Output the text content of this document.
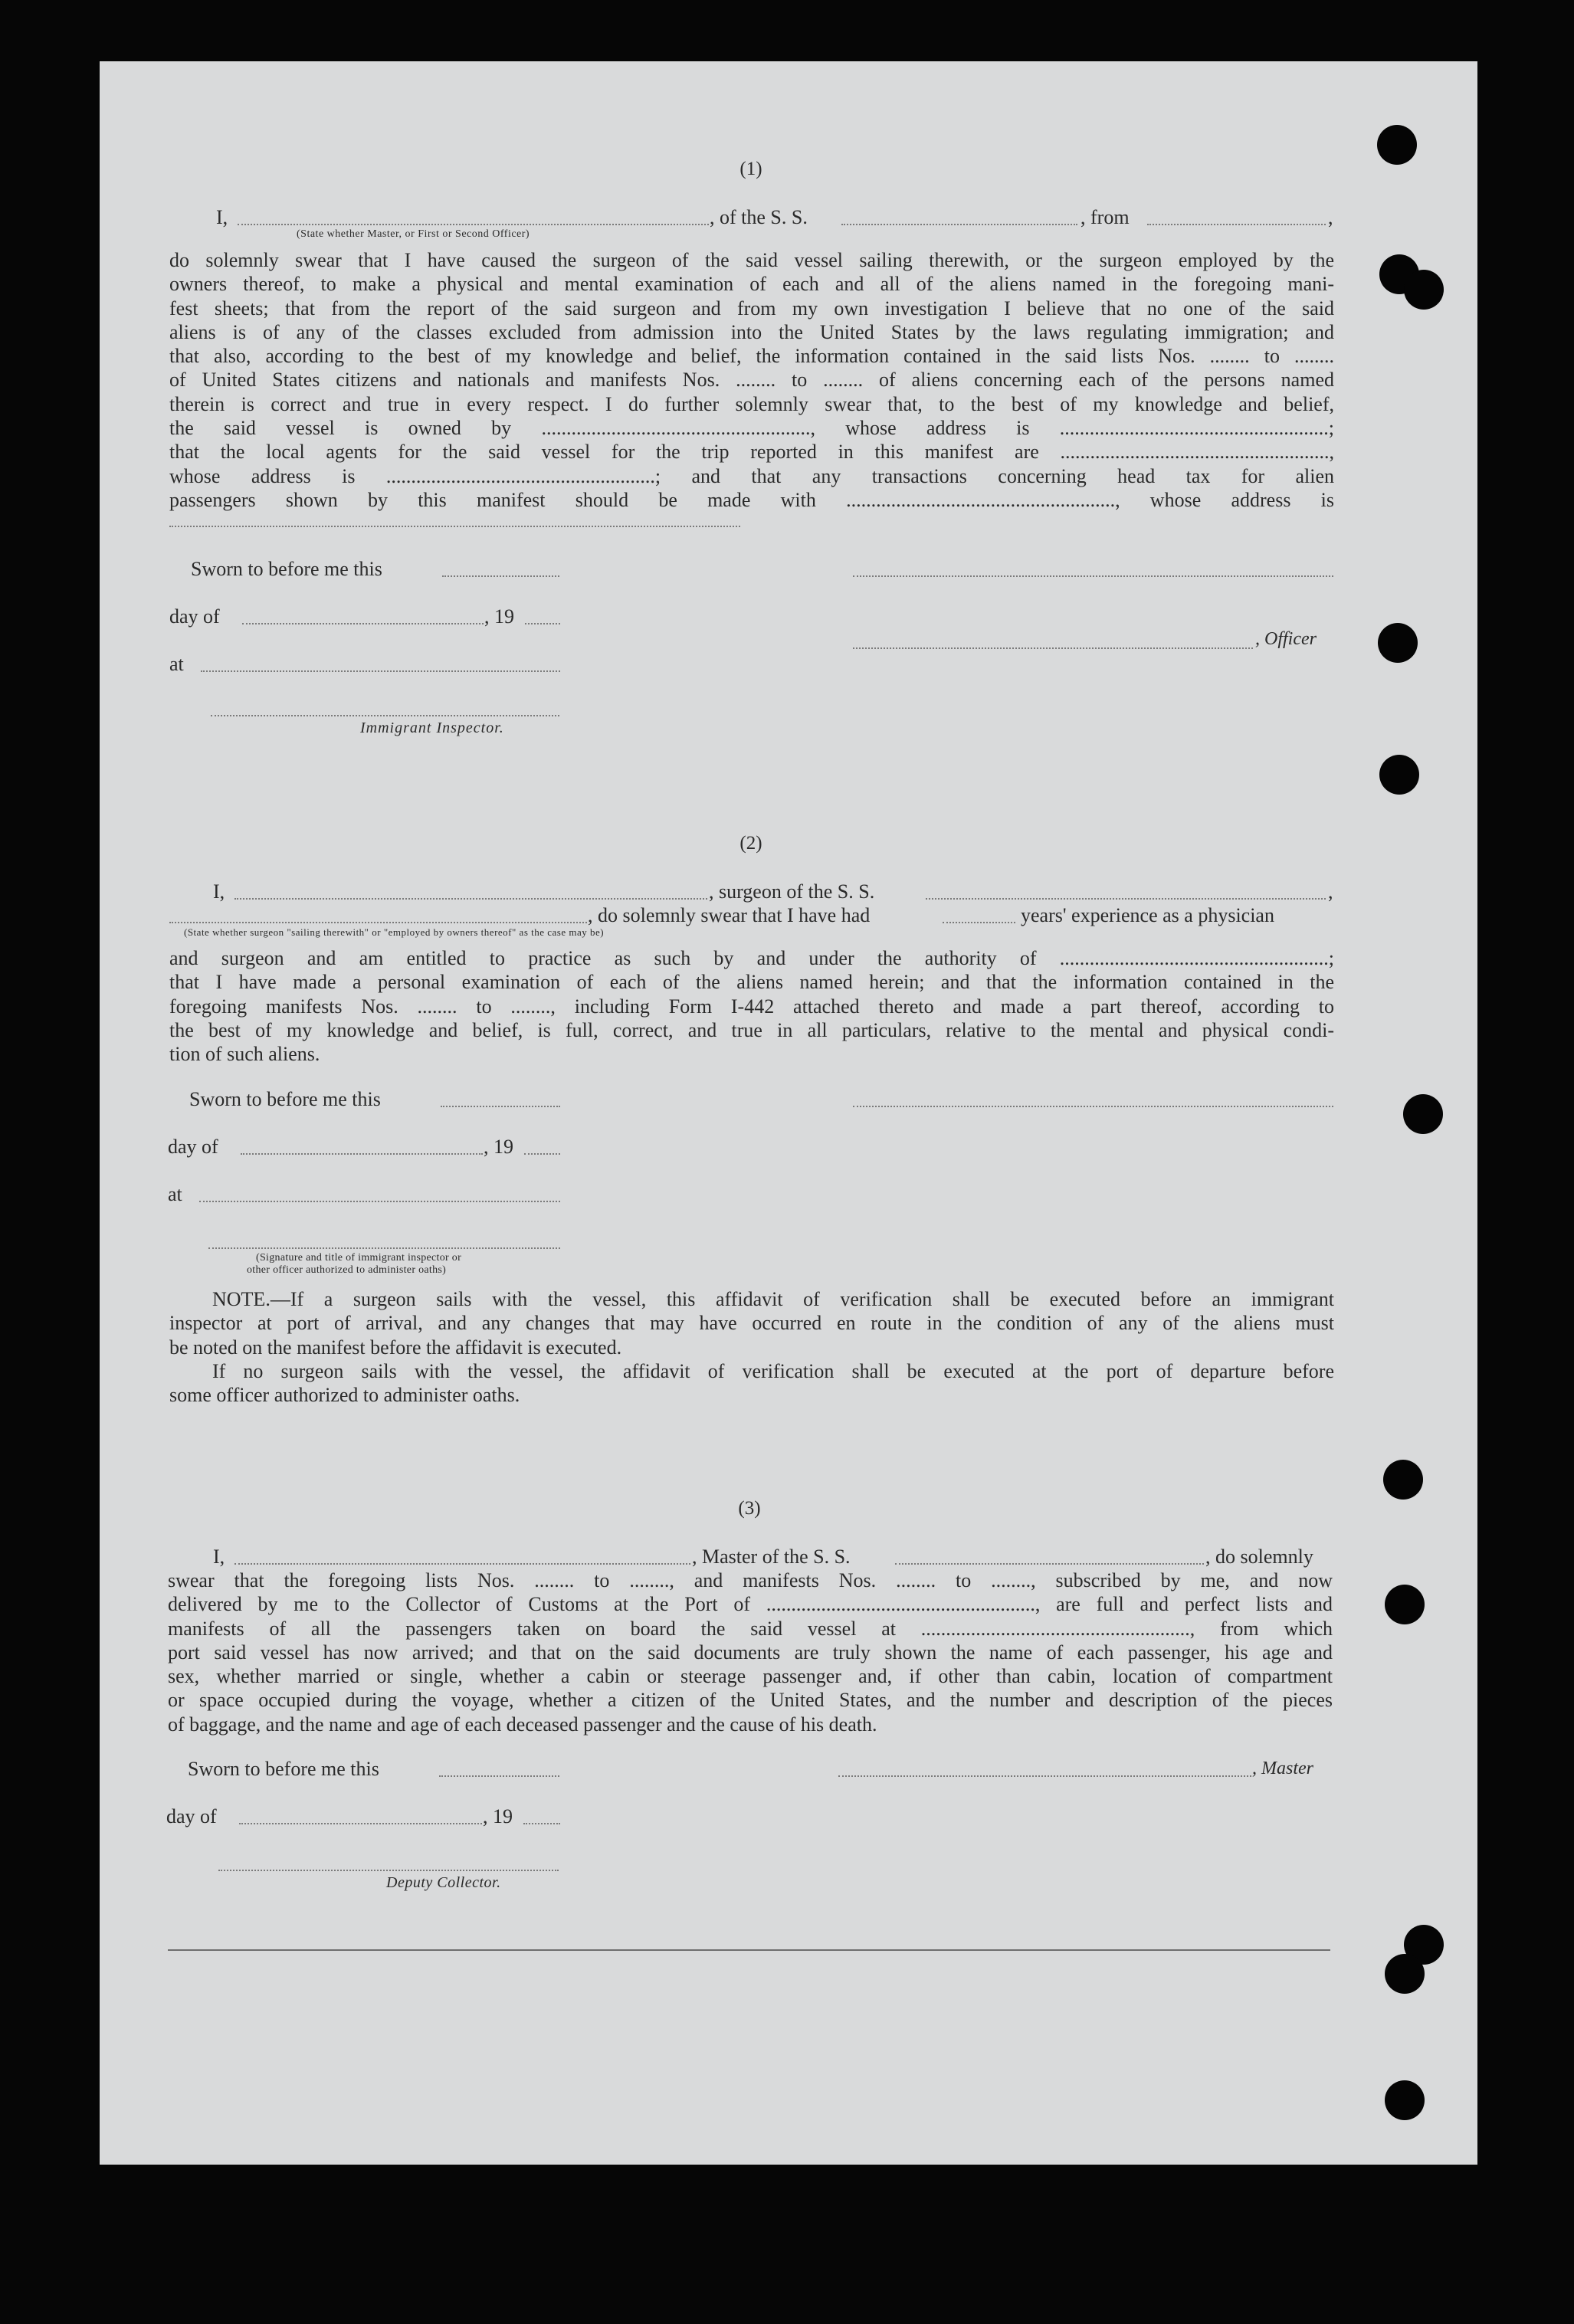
(1)
I,	, of the S. S.	, from	,
(State whether Master, or First or Second Officer)

do solemnly swear that I have caused the surgeon of the said vessel sailing therewith, or the surgeon employed by the

owners thereof, to make a physical and mental examination of each and all of the aliens named in the foregoing mani-

fest sheets; that from the report of the said surgeon and from my own investigation I believe that no one of the said

aliens is of any of the classes excluded from admission into the United States by the laws regulating immigration; and

that also, according to the best of my knowledge and belief, the information contained in the said lists Nos. ........ to ........

of United States citizens and nationals and manifests Nos. ........ to ........ of aliens concerning each of the persons named

therein is correct and true in every respect. I do further solemnly swear that, to the best of my knowledge and belief,

the said vessel is owned by ......................................................, whose address is ......................................................;

that the local agents for the said vessel for the trip reported in this manifest are ......................................................,

whose address is ......................................................; and that any transactions concerning head tax for alien

passengers shown by this manifest should be made with ......................................................, whose address is

Sworn to before me this
day of	, 19
, Officer
at
Immigrant Inspector.
(2)
I,	, surgeon of the S. S.	,
, do solemnly swear that I have had	years' experience as a physician
(State whether surgeon "sailing therewith" or "employed by owners thereof" as the case may be)

and surgeon and am entitled to practice as such by and under the authority of ......................................................;

that I have made a personal examination of each of the aliens named herein; and that the information contained in the

foregoing manifests Nos. ........ to ........, including Form I-442 attached thereto and made a part thereof, according to

the best of my knowledge and belief, is full, correct, and true in all particulars, relative to the mental and physical condi-

tion of such aliens.

Sworn to before me this
day of	, 19
at
(Signature and title of immigrant inspector or
other officer authorized to administer oaths)

NOTE.—If a surgeon sails with the vessel, this affidavit of verification shall be executed before an immigrant

inspector at port of arrival, and any changes that may have occurred en route in the condition of any of the aliens must

be noted on the manifest before the affidavit is executed.

If no surgeon sails with the vessel, the affidavit of verification shall be executed at the port of departure before

some officer authorized to administer oaths.

(3)
I,	, Master of the S. S.	, do solemnly

swear that the foregoing lists Nos. ........ to ........, and manifests Nos. ........ to ........, subscribed by me, and now

delivered by me to the Collector of Customs at the Port of ......................................................, are full and perfect lists and

manifests of all the passengers taken on board the said vessel at ......................................................, from which

port said vessel has now arrived; and that on the said documents are truly shown the name of each passenger, his age and

sex, whether married or single, whether a cabin or steerage passenger and, if other than cabin, location of compartment

or space occupied during the voyage, whether a citizen of the United States, and the number and description of the pieces

of baggage, and the name and age of each deceased passenger and the cause of his death.

Sworn to before me this	, Master
day of	, 19
Deputy Collector.
